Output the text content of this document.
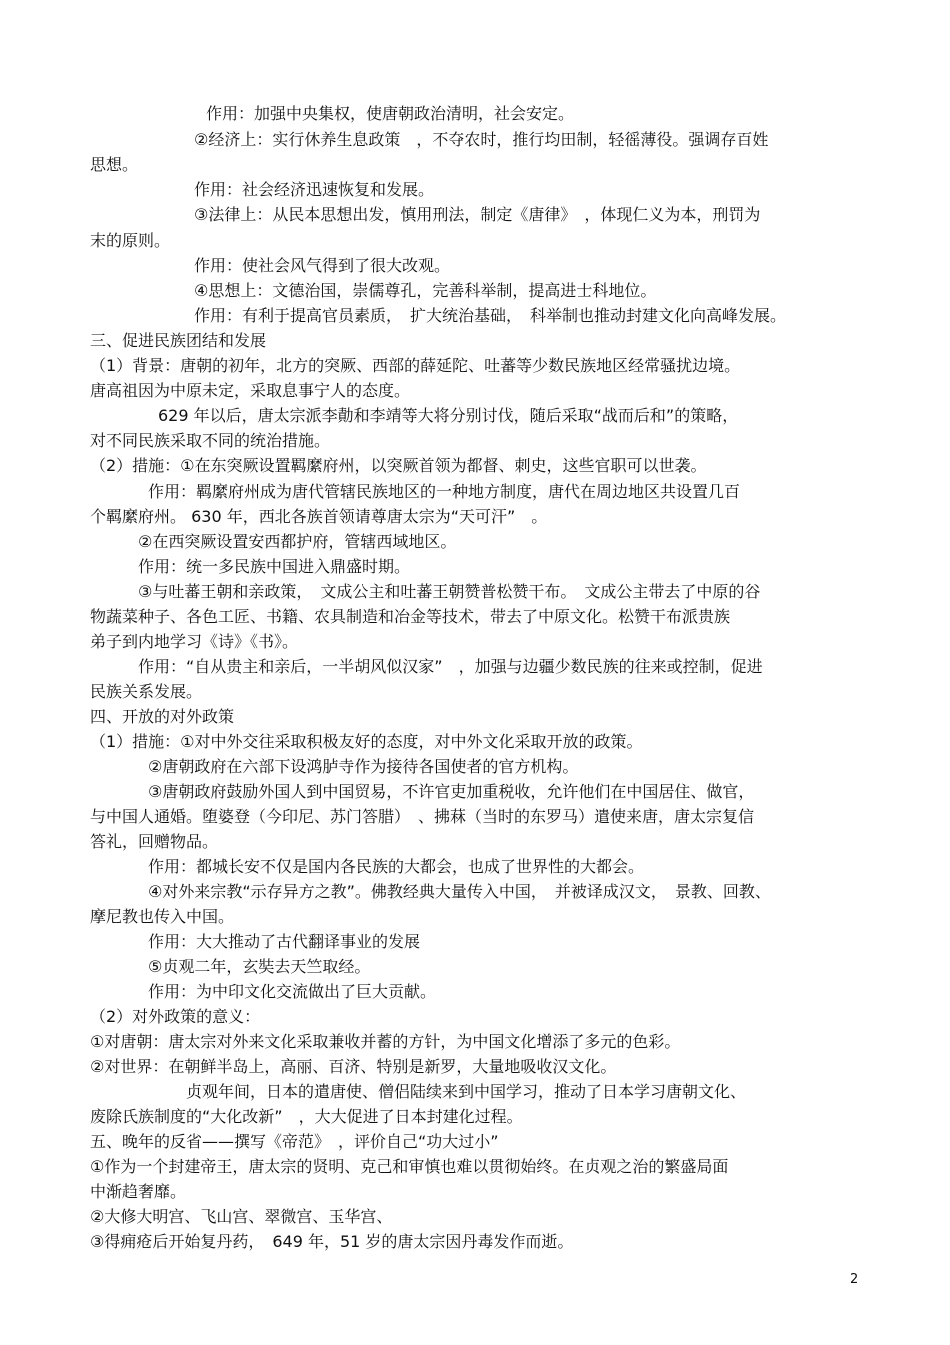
作用：加强中央集权，使唐朝政治清明，社会安定。
②经济上：实行休养生息政策　，不夺农时，推行均田制，轻徭薄役。强调存百姓
思想。
作用：社会经济迅速恢复和发展。
③法律上：从民本思想出发，慎用刑法，制定《唐律》　，体现仁义为本，刑罚为
末的原则。
作用：使社会风气得到了很大改观。
④思想上：文德治国，崇儒尊孔，完善科举制，提高进士科地位。
作用：有利于提高官员素质，　扩大统治基础，　科举制也推动封建文化向高峰发展。
三、促进民族团结和发展
（1）背景：唐朝的初年，北方的突厥、西部的薛延陀、吐蕃等少数民族地区经常骚扰边境。
唐高祖因为中原未定，采取息事宁人的态度。
629 年以后，唐太宗派李勣和李靖等大将分别讨伐，随后采取“战而后和”的策略，
对不同民族采取不同的统治措施。
（2）措施：①在东突厥设置羁縻府州，以突厥首领为都督、刺史，这些官职可以世袭。
作用：羁縻府州成为唐代管辖民族地区的一种地方制度，唐代在周边地区共设置几百
个羁縻府州。 630 年，西北各族首领请尊唐太宗为“天可汗”　。
②在西突厥设置安西都护府，管辖西域地区。
作用：统一多民族中国进入鼎盛时期。
③与吐蕃王朝和亲政策，　文成公主和吐蕃王朝赞普松赞干布。　文成公主带去了中原的谷
物蔬菜种子、各色工匠、书籍、农具制造和冶金等技术，带去了中原文化。松赞干布派贵族
弟子到内地学习《诗》《书》。
作用：“自从贵主和亲后，一半胡风似汉家”　，加强与边疆少数民族的往来或控制，促进
民族关系发展。
四、开放的对外政策
（1）措施：①对中外交往采取积极友好的态度，对中外文化采取开放的政策。
②唐朝政府在六部下设鸿胪寺作为接待各国使者的官方机构。
③唐朝政府鼓励外国人到中国贸易，不许官吏加重税收，允许他们在中国居住、做官，
与中国人通婚。堕婆登（今印尼、苏门答腊）　、拂菻（当时的东罗马）遣使来唐，唐太宗复信
答礼，回赠物品。
作用：都城长安不仅是国内各民族的大都会，也成了世界性的大都会。
④对外来宗教“示存异方之教”。佛教经典大量传入中国，　并被译成汉文，　景教、回教、
摩尼教也传入中国。
作用：大大推动了古代翻译事业的发展
⑤贞观二年，玄奘去天竺取经。
作用：为中印文化交流做出了巨大贡献。
（2）对外政策的意义：
①对唐朝：唐太宗对外来文化采取兼收并蓄的方针，为中国文化增添了多元的色彩。
②对世界：在朝鲜半岛上，高丽、百济、特别是新罗，大量地吸收汉文化。
贞观年间，日本的遣唐使、僧侣陆续来到中国学习，推动了日本学习唐朝文化、
废除氏族制度的“大化改新”　，大大促进了日本封建化过程。
五、晚年的反省——撰写《帝范》　，评价自己“功大过小”
①作为一个封建帝王，唐太宗的贤明、克己和审慎也难以贯彻始终。在贞观之治的繁盛局面
中渐趋奢靡。
②大修大明宫、飞山宫、翠微宫、玉华宫、
③得痈疮后开始复丹药，　649 年，51 岁的唐太宗因丹毒发作而逝。
2
